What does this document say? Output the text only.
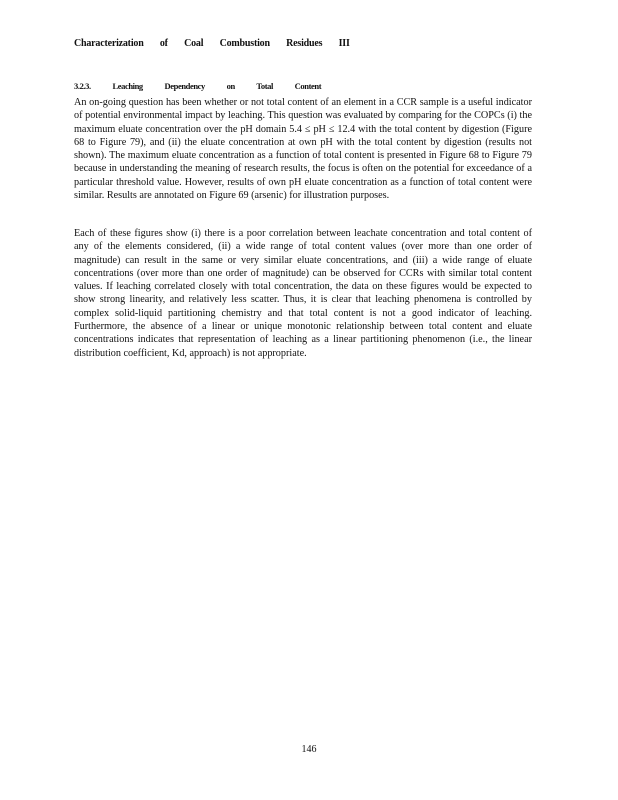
Characterization of Coal Combustion Residues III
3.2.3. Leaching Dependency on Total Content

An on-going question has been whether or not total content of an element in a CCR sample is a useful indicator of potential environmental impact by leaching. This question was evaluated by comparing for the COPCs (i) the maximum eluate concentration over the pH domain 5.4 ≤ pH ≤ 12.4 with the total content by digestion (Figure 68 to Figure 79), and (ii) the eluate concentration at own pH with the total content by digestion (results not shown). The maximum eluate concentration as a function of total content is presented in Figure 68 to Figure 79 because in understanding the meaning of research results, the focus is often on the potential for exceedance of a particular threshold value. However, results of own pH eluate concentration as a function of total content were similar. Results are annotated on Figure 69 (arsenic) for illustration purposes.

Each of these figures show (i) there is a poor correlation between leachate concentration and total content of any of the elements considered, (ii) a wide range of total content values (over more than one order of magnitude) can result in the same or very similar eluate concentrations, and (iii) a wide range of eluate concentrations (over more than one order of magnitude) can be observed for CCRs with similar total content values. If leaching correlated closely with total concentration, the data on these figures would be expected to show strong linearity, and relatively less scatter. Thus, it is clear that leaching phenomena is controlled by complex solid-liquid partitioning chemistry and that total content is not a good indicator of leaching. Furthermore, the absence of a linear or unique monotonic relationship between total content and eluate concentrations indicates that representation of leaching as a linear partitioning phenomenon (i.e., the linear distribution coefficient, Kd, approach) is not appropriate.

146
